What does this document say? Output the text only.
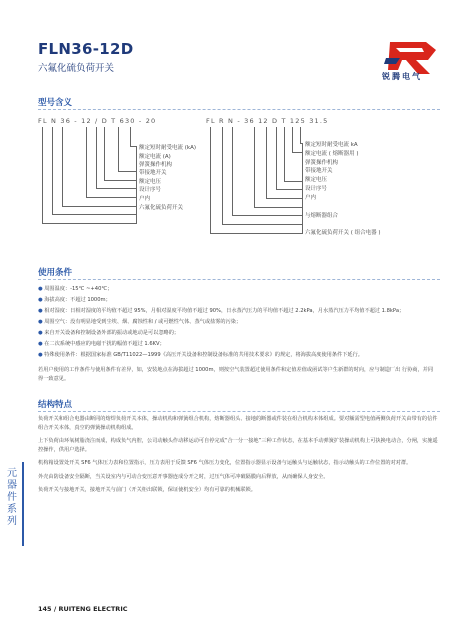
FLN36-12D
六氟化硫负荷开关
锐腾电气
型号含义
FL N 36 - 12 / D T 630 - 20	FL R N - 36 12 D T 125 31.5
额定短时耐受电流 (kA)
额定电流 (A)
弹簧操作机构
带接地开关
额定电压
设计序号
户内
六氟化硫负荷开关
额定短时耐受电流 kA
额定电流 ( 熔断器用 )
弹簧操作机构
带接地开关
额定电压
设计序号
户内
与熔断器组合
六氟化硫负荷开关 ( 组合电器 )
使用条件
● 周围温度：-15℃ ~+40℃；
● 海拔高度：不超过 1000m；
● 相对湿度：日相对湿度的平均值不超过 95%，月相对湿度平均值不超过 90%，日水蒸汽压力的平均值不超过 2.2kPa，月水蒸汽压力平均值不超过 1.8kPa；
● 周围空气：没有明显地受到尘埃、烟、腐蚀性和 / 或可燃性气体、蒸气或盐雾的污染；
● 来自开关设备和控制设备外部的振动或地动是可以忽略的；
● 在二次系统中感应的电磁干扰的幅值不超过 1.6KV；
● 特殊使用条件：根据国家标准 GB/T11022—1999《高压开关设备和控制设备标准的共用技术要求》的规定，将海拔高度使用条件下延行。
若用户使用的工作条件与使用条件有差异，如，安装地点在海拔超过 1000m，则按空气装置超过使用条件和定值差值或函试等户生新群的时向，应与制造厂出 行协商，并同得一致意见。
结构特点
负荷开关和组合电器由断同的熔焊负荷开关本体，操动机构和弹簧组合机构，熔断器组头、接地的断器或件装在组合机构本体组成。要对额需型电值两侧负荷开关由带有的信件组合开关本体，真空的弹簧操动机构组成。
上下负荷由环氧树脂浇注而成，构成负气内腔，公司动触头作动移运动可自停完成“合一分一接地”三种工作状态，在基本手动弹簧扩装操动机构上可执换电动合，分闸，实施遥控操作，供用户选择。
机构箱设置处开关 SF6 气体压力表和位置指示，压力表用于反馈 SF6 气体压力变化，位置指示器显示设备与运触头与运触状态，指示动触头的工作位置的对对群。
外壳由防设备安全隔断，当关设室内与可动合变压意开事器连成分开之时，过压气体可冲破隔膜向后释放，从而确保人身安全。
负荷开关与接地开关，接地开关与前门（开关柜出联锁，保证使机安全）均有可靠的机械联锁。
元器件系列
145 / RUITENG ELECTRIC
